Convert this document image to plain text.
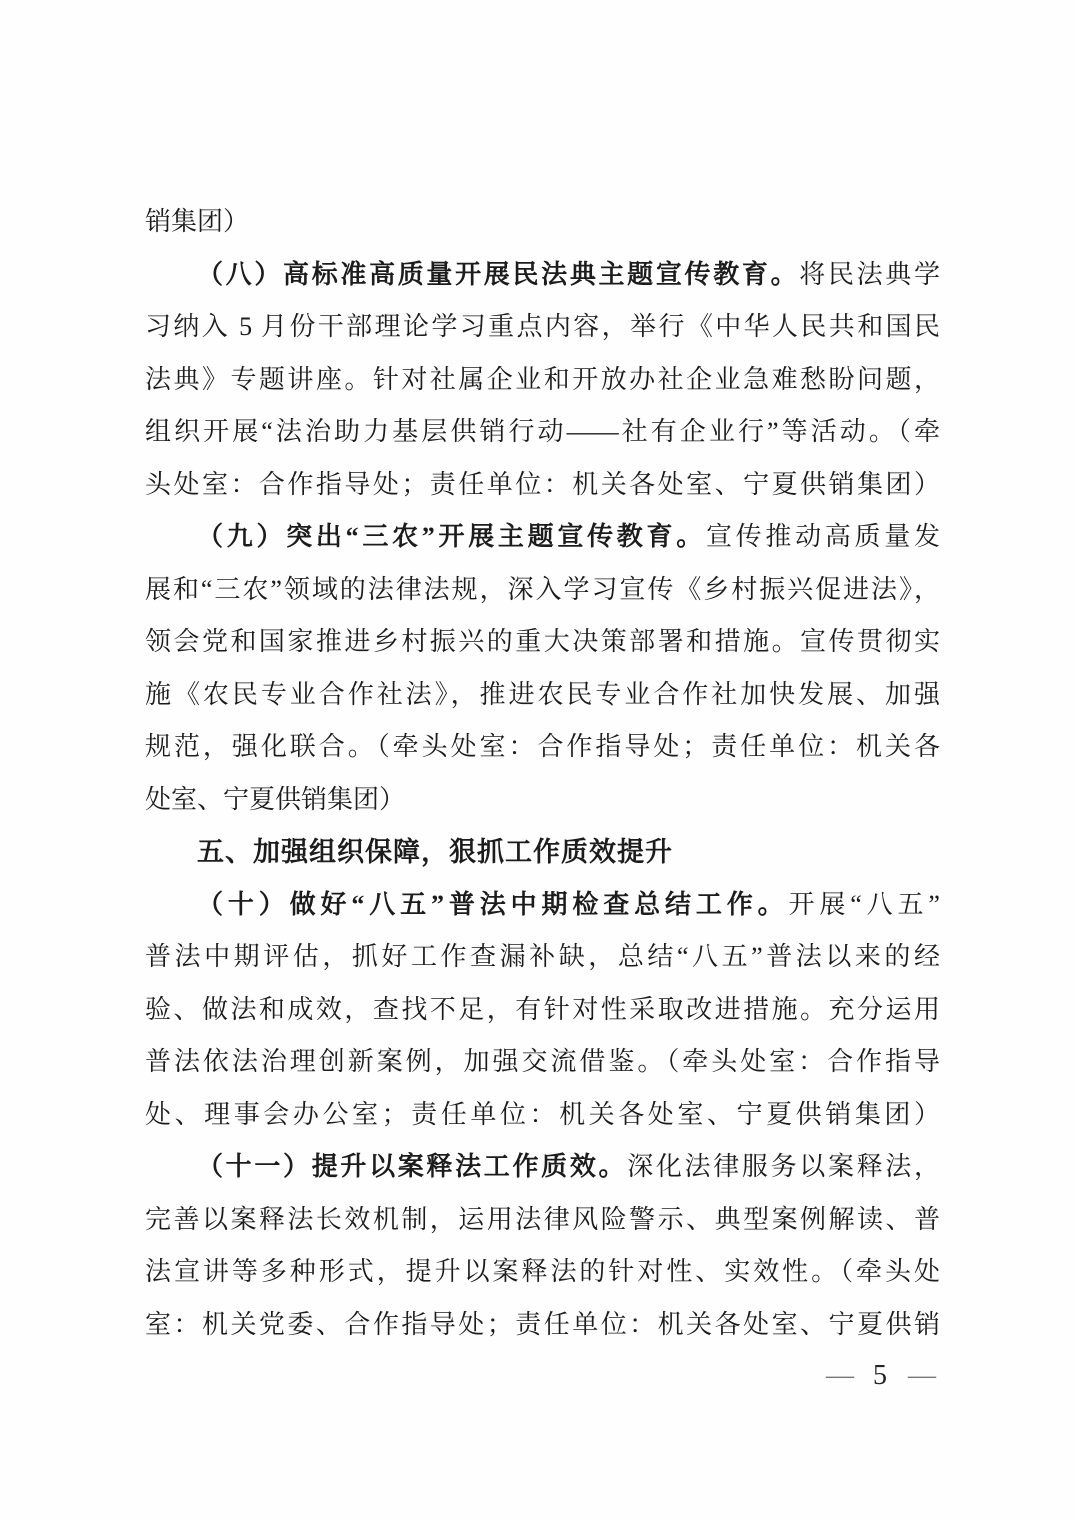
销集团）
（八）高标准高质量开展民法典主题宣传教育。将民法典学
习纳入 5 月份干部理论学习重点内容，举行《中华人民共和国民
法典》专题讲座。针对社属企业和开放办社企业急难愁盼问题，
组织开展“法治助力基层供销行动——社有企业行”等活动。（牵
头处室：合作指导处；责任单位：机关各处室、宁夏供销集团）
（九）突出“三农”开展主题宣传教育。宣传推动高质量发
展和“三农”领域的法律法规，深入学习宣传《乡村振兴促进法》，
领会党和国家推进乡村振兴的重大决策部署和措施。宣传贯彻实
施《农民专业合作社法》，推进农民专业合作社加快发展、加强
规范，强化联合。（牵头处室：合作指导处；责任单位：机关各
处室、宁夏供销集团）
五、加强组织保障，狠抓工作质效提升
（十）做好“八五”普法中期检查总结工作。开展“八五”
普法中期评估，抓好工作查漏补缺，总结“八五”普法以来的经
验、做法和成效，查找不足，有针对性采取改进措施。充分运用
普法依法治理创新案例，加强交流借鉴。（牵头处室：合作指导
处、理事会办公室；责任单位：机关各处室、宁夏供销集团）
（十一）提升以案释法工作质效。深化法律服务以案释法，
完善以案释法长效机制，运用法律风险警示、典型案例解读、普
法宣讲等多种形式，提升以案释法的针对性、实效性。（牵头处
室：机关党委、合作指导处；责任单位：机关各处室、宁夏供销
— 5 —
